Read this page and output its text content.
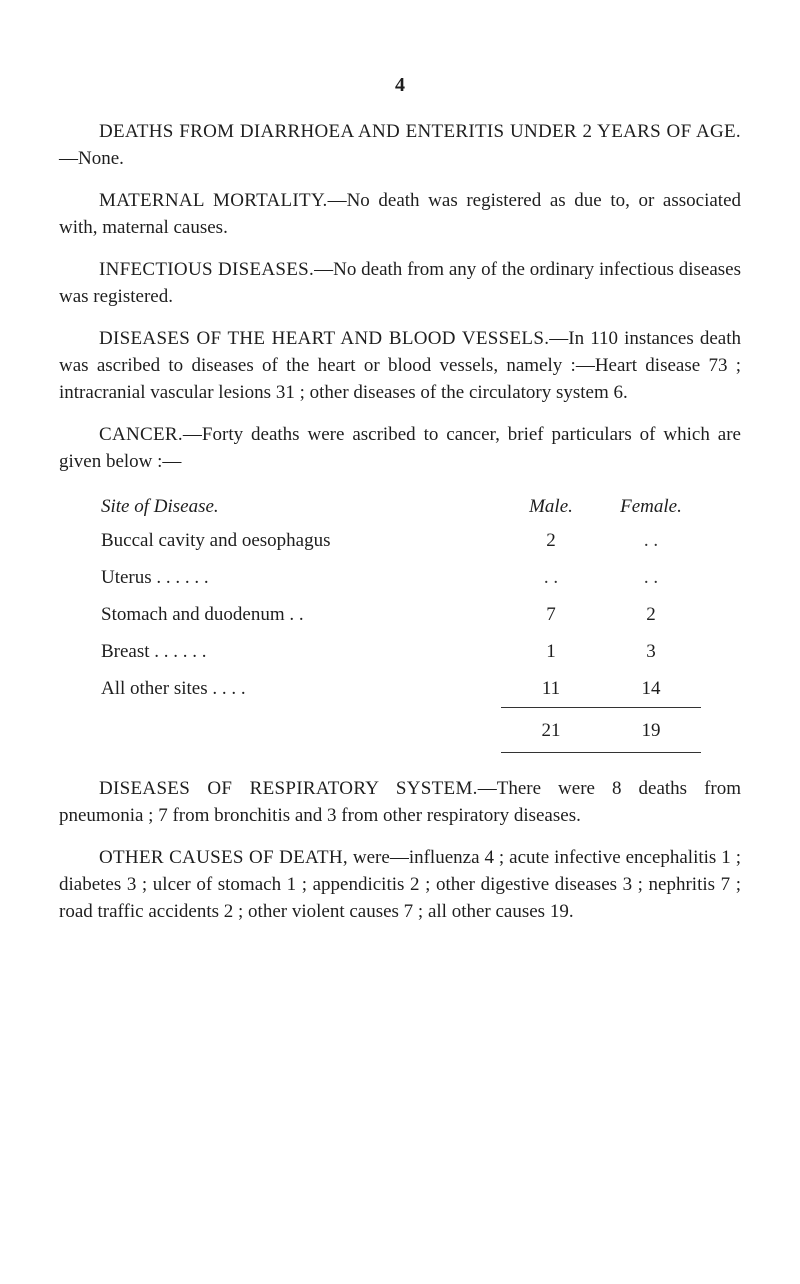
4

DEATHS FROM DIARRHOEA AND ENTERITIS UNDER 2 YEARS OF AGE.—None.

MATERNAL MORTALITY.—No death was registered as due to, or associated with, maternal causes.

INFECTIOUS DISEASES.—No death from any of the ordinary infectious diseases was registered.

DISEASES OF THE HEART AND BLOOD VESSELS.—In 110 instances death was ascribed to diseases of the heart or blood vessels, namely :—Heart disease 73 ; intracranial vascular lesions 31 ; other diseases of the circulatory system 6.

CANCER.—Forty deaths were ascribed to cancer, brief particulars of which are given below :—

Site of Disease.	Male.	Female.
Buccal cavity and oesophagus	2	. .
Uterus . . . . . .	. .	. .
Stomach and duodenum . .	7	2
Breast . . . . . .	1	3
All other sites . . . .	11	14
	21	19

DISEASES OF RESPIRATORY SYSTEM.—There were 8 deaths from pneumonia ; 7 from bronchitis and 3 from other respiratory diseases.

OTHER CAUSES OF DEATH, were—influenza 4 ; acute infective encephalitis 1 ; diabetes 3 ; ulcer of stomach 1 ; appendicitis 2 ; other digestive diseases 3 ; nephritis 7 ; road traffic accidents 2 ; other violent causes 7 ; all other causes 19.
